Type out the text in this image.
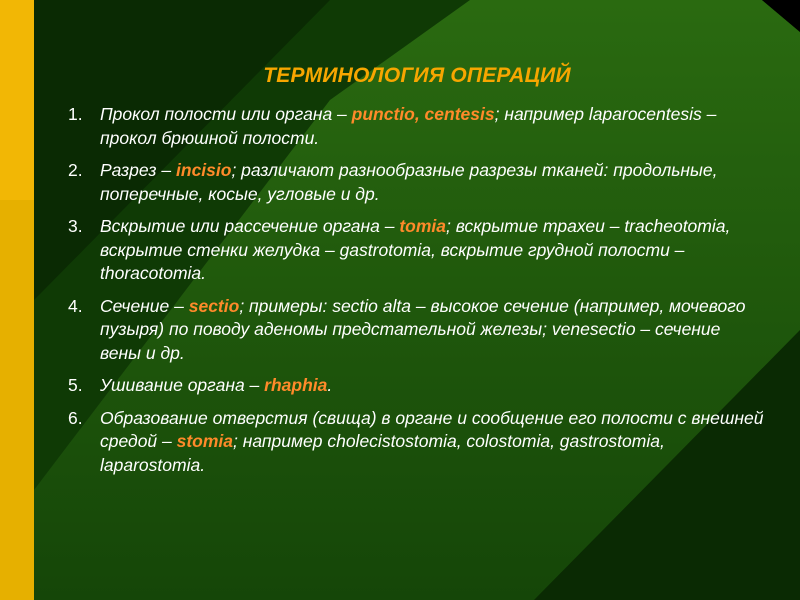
ТЕРМИНОЛОГИЯ ОПЕРАЦИЙ
1. Прокол полости или органа – punctio, centesis; например laparocentesis – прокол брюшной полости.
2. Разрез – incisio; различают разнообразные разрезы тканей: продольные, поперечные, косые, угловые и др.
3. Вскрытие или рассечение органа – tomia; вскрытие трахеи – tracheotomia, вскрытие стенки желудка – gastrotomia, вскрытие грудной полости – thoracotomia.
4. Сечение – sectio; примеры: sectio alta – высокое сечение (например, мочевого пузыря) по поводу аденомы предстательной железы; venesectio – сечение вены и др.
5. Ушивание органа – rhaphia.
6. Образование отверстия (свища) в органе и сообщение его полости с внешней средой – stomia; например cholecistostomia, colostomia, gastrostomia, laparostomia.
